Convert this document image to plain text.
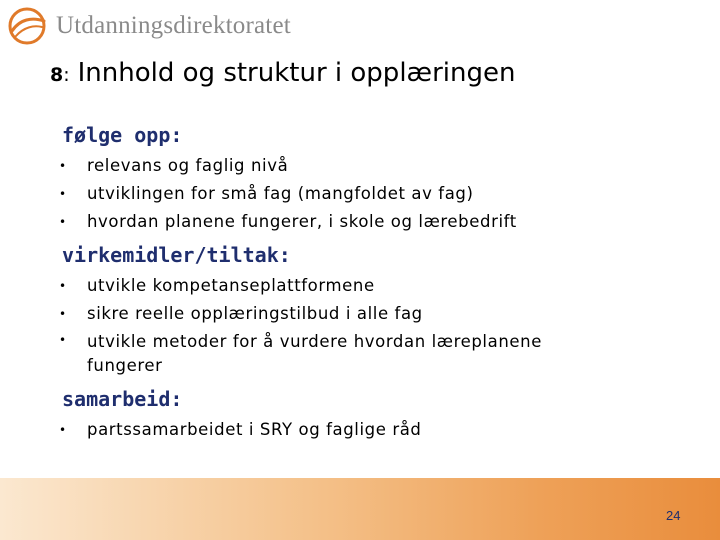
Utdanningsdirektoratet
8: Innhold og struktur i opplæringen
følge opp:
• relevans og faglig nivå
• utviklingen for små fag (mangfoldet av fag)
• hvordan planene fungerer, i skole og lærebedrift
virkemidler/tiltak:
• utvikle kompetanseplattformene
• sikre reelle opplæringstilbud i alle fag
• utvikle metoder for å vurdere hvordan læreplanene fungerer
samarbeid:
• partssamarbeidet i SRY og faglige råd
24
